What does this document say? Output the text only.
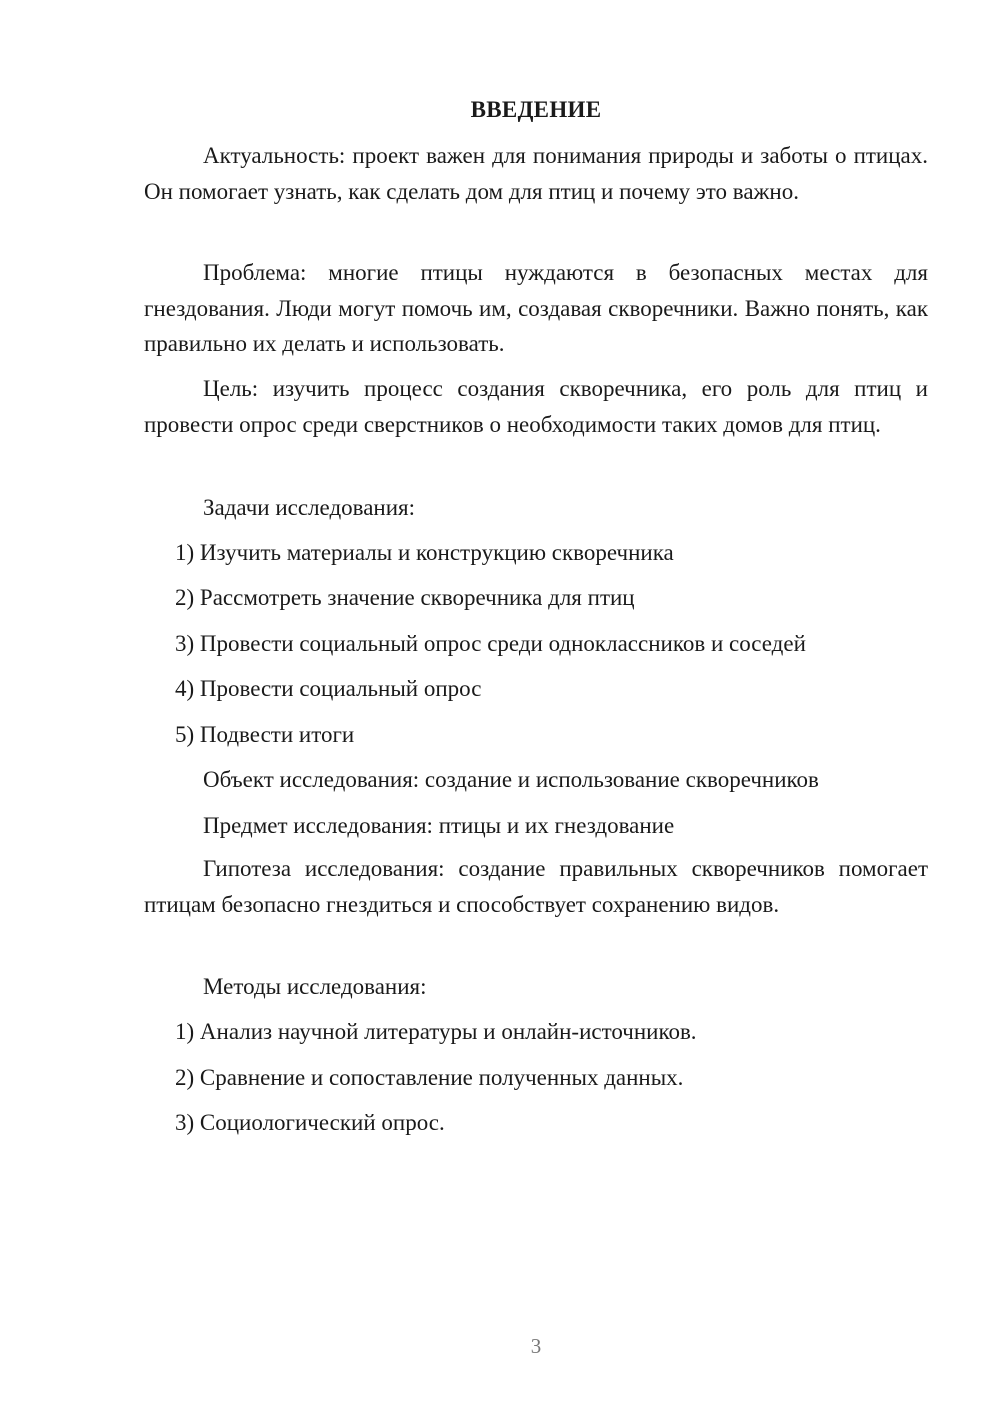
ВВЕДЕНИЕ

Актуальность: проект важен для понимания природы и заботы о птицах. Он помогает узнать, как сделать дом для птиц и почему это важно.

Проблема: многие птицы нуждаются в безопасных местах для гнездования. Люди могут помочь им, создавая скворечники. Важно понять, как правильно их делать и использовать.

Цель: изучить процесс создания скворечника, его роль для птиц и провести опрос среди сверстников о необходимости таких домов для птиц.

Задачи исследования:
1) Изучить материалы и конструкцию скворечника
2) Рассмотреть значение скворечника для птиц
3) Провести социальный опрос среди одноклассников и соседей
4) Провести социальный опрос
5) Подвести итоги
Объект исследования: создание и использование скворечников
Предмет исследования: птицы и их гнездование

Гипотеза исследования: создание правильных скворечников помогает птицам безопасно гнездиться и способствует сохранению видов.

Методы исследования:
1) Анализ научной литературы и онлайн-источников.
2) Сравнение и сопоставление полученных данных.
3) Социологический опрос.
3
